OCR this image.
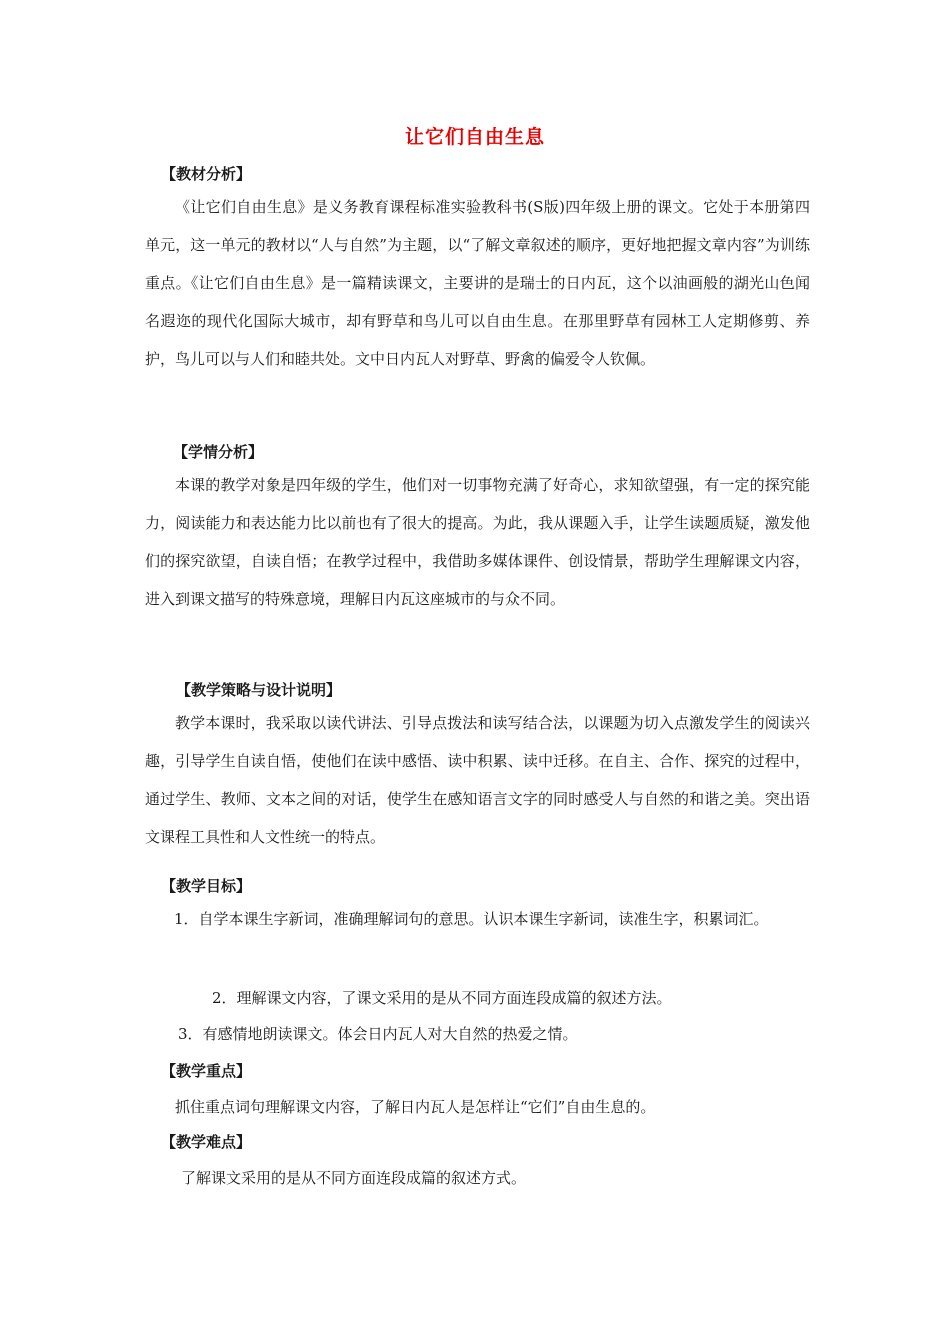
让它们自由生息
【教材分析】

《让它们自由生息》是义务教育课程标准实验教科书(S版)四年级上册的课文。它处于本册第四单元，这一单元的教材以“人与自然”为主题，以“了解文章叙述的顺序，更好地把握文章内容”为训练重点。《让它们自由生息》是一篇精读课文，主要讲的是瑞士的日内瓦，这个以油画般的湖光山色闻名遐迩的现代化国际大城市，却有野草和鸟儿可以自由生息。在那里野草有园林工人定期修剪、养护，鸟儿可以与人们和睦共处。文中日内瓦人对野草、野禽的偏爱令人钦佩。

【学情分析】

本课的教学对象是四年级的学生，他们对一切事物充满了好奇心，求知欲望强，有一定的探究能力，阅读能力和表达能力比以前也有了很大的提高。为此，我从课题入手，让学生读题质疑，激发他们的探究欲望，自读自悟；在教学过程中，我借助多媒体课件、创设情景，帮助学生理解课文内容，进入到课文描写的特殊意境，理解日内瓦这座城市的与众不同。

【教学策略与设计说明】

教学本课时，我采取以读代讲法、引导点拨法和读写结合法，以课题为切入点激发学生的阅读兴趣，引导学生自读自悟，使他们在读中感悟、读中积累、读中迁移。在自主、合作、探究的过程中，通过学生、教师、文本之间的对话，使学生在感知语言文字的同时感受人与自然的和谐之美。突出语文课程工具性和人文性统一的特点。

【教学目标】

1．自学本课生字新词，准确理解词句的意思。认识本课生字新词，读准生字，积累词汇。

2．理解课文内容，了课文采用的是从不同方面连段成篇的叙述方法。
3．有感情地朗读课文。体会日内瓦人对大自然的热爱之情。
【教学重点】
抓住重点词句理解课文内容，了解日内瓦人是怎样让“它们”自由生息的。
【教学难点】
了解课文采用的是从不同方面连段成篇的叙述方式。
